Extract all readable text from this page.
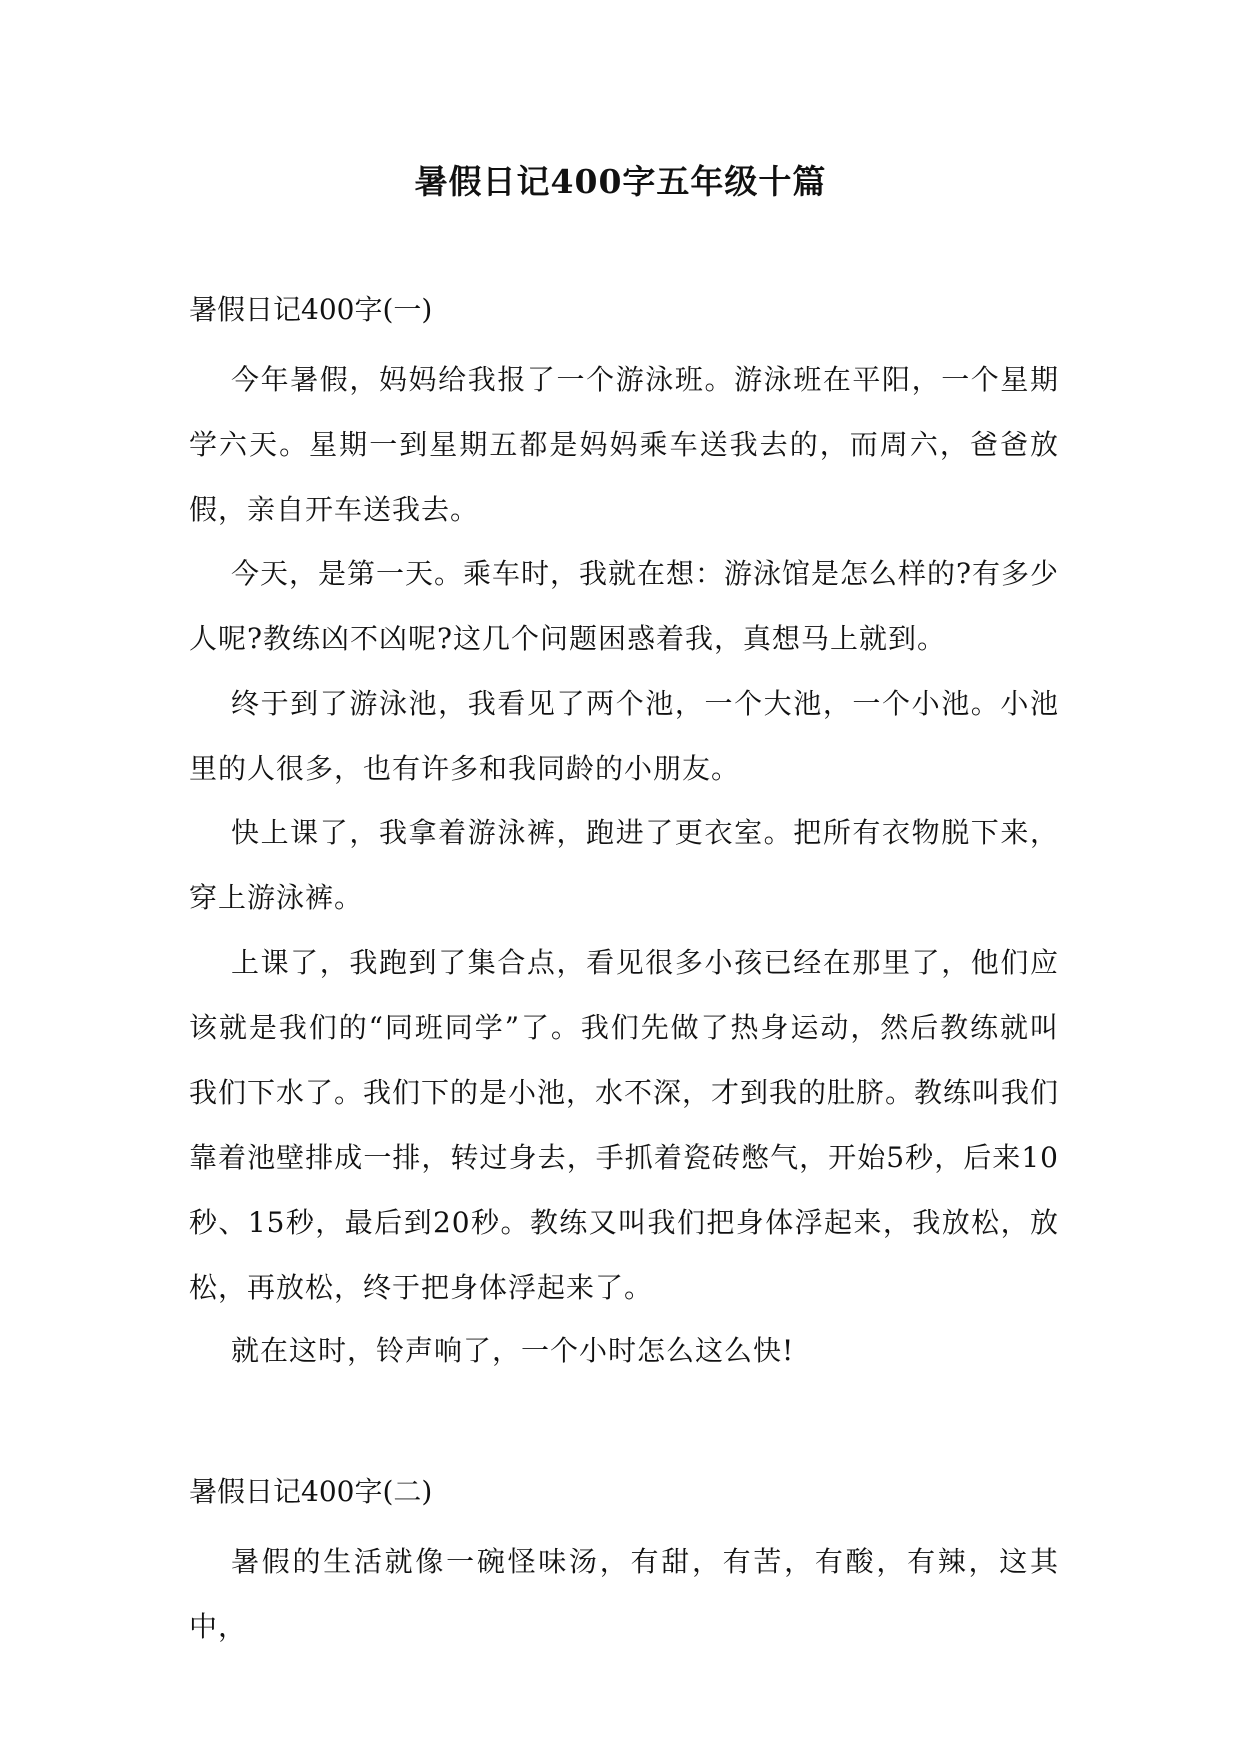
暑假日记400字五年级十篇
暑假日记400字(一)

今年暑假，妈妈给我报了一个游泳班。游泳班在平阳，一个星期学六天。星期一到星期五都是妈妈乘车送我去的，而周六，爸爸放假，亲自开车送我去。

今天，是第一天。乘车时，我就在想：游泳馆是怎么样的?有多少人呢?教练凶不凶呢?这几个问题困惑着我，真想马上就到。

终于到了游泳池，我看见了两个池，一个大池，一个小池。小池里的人很多，也有许多和我同龄的小朋友。

快上课了，我拿着游泳裤，跑进了更衣室。把所有衣物脱下来，穿上游泳裤。

上课了，我跑到了集合点，看见很多小孩已经在那里了，他们应该就是我们的“同班同学”了。我们先做了热身运动，然后教练就叫我们下水了。我们下的是小池，水不深，才到我的肚脐。教练叫我们靠着池壁排成一排，转过身去，手抓着瓷砖憋气，开始5秒，后来10秒、15秒，最后到20秒。教练又叫我们把身体浮起来，我放松，放松，再放松，终于把身体浮起来了。

就在这时，铃声响了，一个小时怎么这么快!

暑假日记400字(二)

暑假的生活就像一碗怪味汤，有甜，有苦，有酸，有辣，这其中，
